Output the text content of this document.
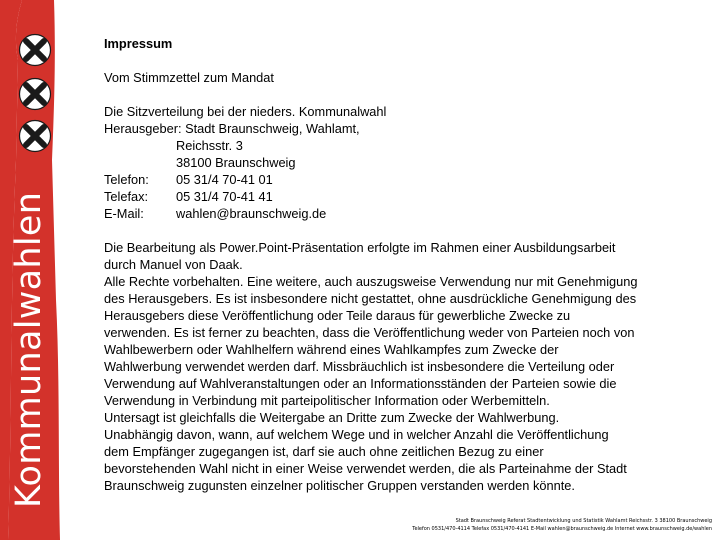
Kommunalwahlen
Impressum
Vom Stimmzettel zum Mandat
Die Sitzverteilung bei der nieders. Kommunalwahl
Herausgeber: Stadt Braunschweig, Wahlamt,
Reichsstr. 3
38100 Braunschweig
Telefon:	05 31/4 70-41 01
Telefax:	05 31/4 70-41 41
E-Mail:	wahlen@braunschweig.de
Die Bearbeitung als Power.Point-Präsentation erfolgte im Rahmen einer Ausbildungsarbeit
durch Manuel von Daak.
Alle Rechte vorbehalten. Eine weitere, auch auszugsweise Verwendung nur mit Genehmigung
des Herausgebers. Es ist insbesondere nicht gestattet, ohne ausdrückliche Genehmigung des
Herausgebers diese Veröffentlichung oder Teile daraus für gewerbliche Zwecke zu
verwenden. Es ist ferner zu beachten, dass die Veröffentlichung weder von Parteien noch von
Wahlbewerbern oder Wahlhelfern während eines Wahlkampfes zum Zwecke der
Wahlwerbung verwendet werden darf. Missbräuchlich ist insbesondere die Verteilung oder
Verwendung auf Wahlveranstaltungen oder an Informationsständen der Parteien sowie die
Verwendung in Verbindung mit parteipolitischer Information oder Werbemitteln.
Untersagt ist gleichfalls die Weitergabe an Dritte zum Zwecke der Wahlwerbung.
Unabhängig davon, wann, auf welchem Wege und in welcher Anzahl die Veröffentlichung
dem Empfänger zugegangen ist, darf sie auch ohne zeitlichen Bezug zu einer
bevorstehenden Wahl nicht in einer Weise verwendet werden, die als Parteinahme der Stadt
Braunschweig zugunsten einzelner politischer Gruppen verstanden werden könnte.
Stadt Braunschweig Referat Stadtentwicklung und Statistik Wahlamt Reichsstr. 3 38100 Braunschweig
Telefon 0531/470-4114 Telefax 0531/470-4141 E-Mail wahlen@braunschweig.de Internet www.braunschweig.de/wahlen
